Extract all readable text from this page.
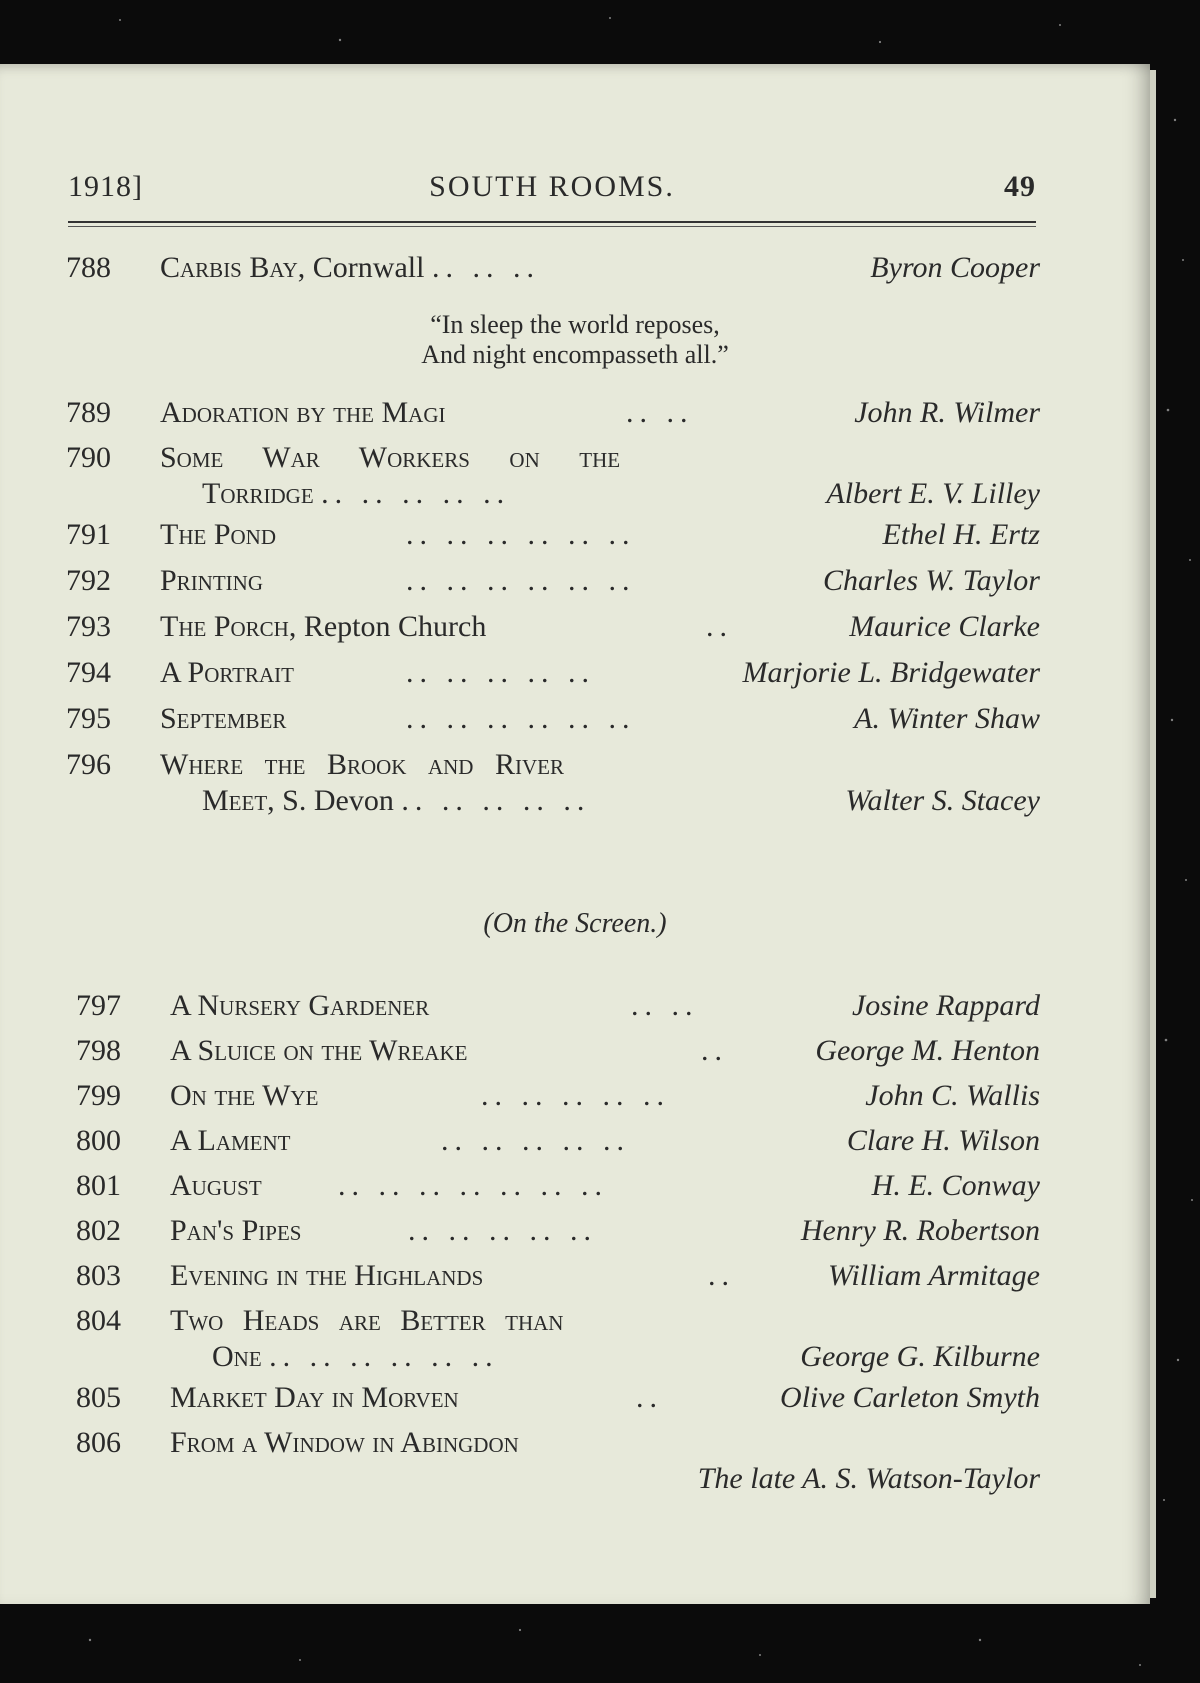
1918]	SOUTH ROOMS.	49
788 Carbis Bay, Cornwall .. .. ..	Byron Cooper
“In sleep the world reposes,
And night encompasseth all.”
789 Adoration by the Magi	.. ..	John R. Wilmer
790 Some War Workers on the
Torridge .. .. .. .. ..	Albert E. V. Lilley
791 The Pond	.. .. .. .. .. ..	Ethel H. Ertz
792 Printing	.. .. .. .. .. ..	Charles W. Taylor
793 The Porch, Repton Church	..	Maurice Clarke
794 A Portrait	.. .. .. .. ..	Marjorie L. Bridgewater
795 September	.. .. .. .. .. ..	A. Winter Shaw
796 Where the Brook and River
Meet, S. Devon .. .. .. .. ..	Walter S. Stacey
(On the Screen.)
797 A Nursery Gardener	.. ..	Josine Rappard
798 A Sluice on the Wreake	..	George M. Henton
799 On the Wye	.. .. .. .. ..	John C. Wallis
800 A Lament	.. .. .. .. ..	Clare H. Wilson
801 August	.. .. .. .. .. .. ..	H. E. Conway
802 Pan's Pipes	.. .. .. .. ..	Henry R. Robertson
803 Evening in the Highlands	..	William Armitage
804 Two Heads are Better than
One .. .. .. .. .. ..	George G. Kilburne
805 Market Day in Morven	..	Olive Carleton Smyth
806 From a Window in Abingdon
The late A. S. Watson-Taylor
